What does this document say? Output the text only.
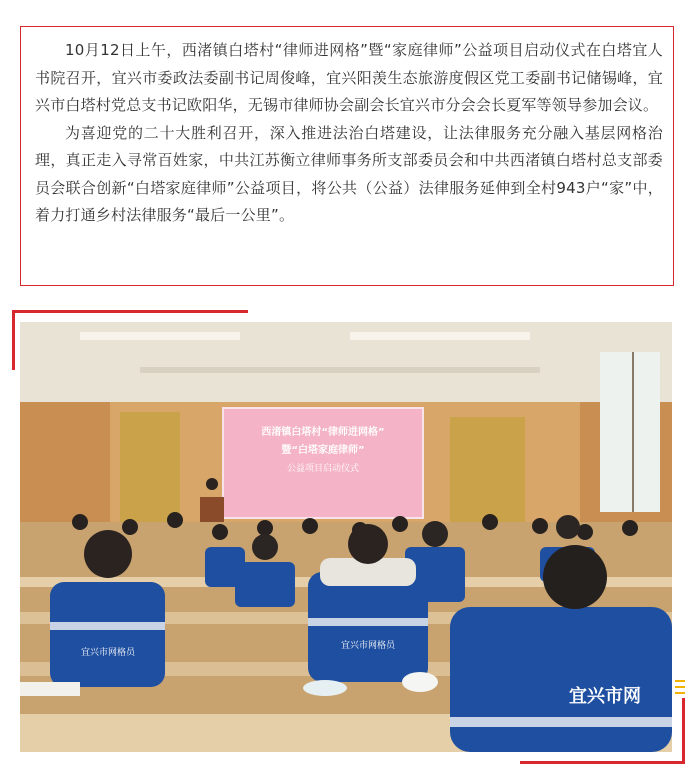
10月12日上午，西渚镇白塔村“律师进网格”暨“家庭律师”公益项目启动仪式在白塔宜人书院召开，宜兴市委政法委副书记周俊峰，宜兴阳羡生态旅游度假区党工委副书记储锡峰，宜兴市白塔村党总支书记欧阳华，无锡市律师协会副会长宜兴市分会会长夏军等领导参加会议。

为喜迎党的二十大胜利召开，深入推进法治白塔建设，让法律服务充分融入基层网格治理，真正走入寻常百姓家，中共江苏衡立律师事务所支部委员会和中共西渚镇白塔村总支部委员会联合创新“白塔家庭律师”公益项目，将公共（公益）法律服务延伸到全村943户“家”中，着力打通乡村法律服务“最后一公里”。

西渚镇白塔村“律师进网格”
暨“白塔家庭律师”
公益项目启动仪式
宜兴市网格员
宜兴市网格员
宜兴市网
